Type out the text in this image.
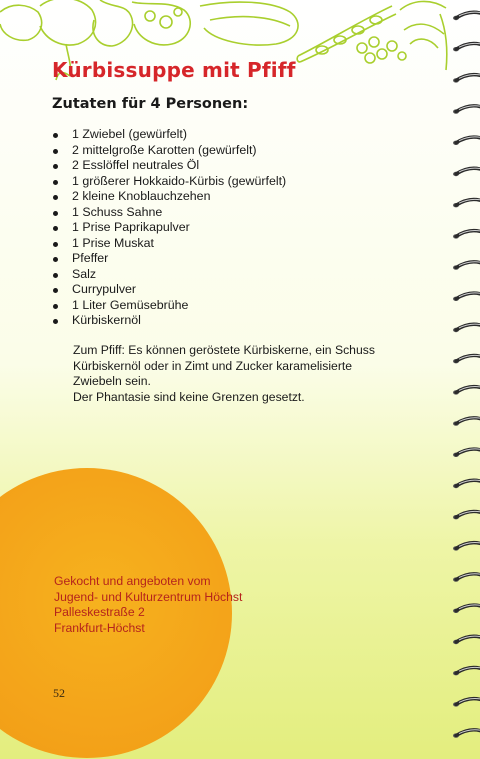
Kürbissuppe mit Pfiff
Zutaten für 4 Personen:
1 Zwiebel (gewürfelt)
2 mittelgroße Karotten (gewürfelt)
2 Esslöffel neutrales Öl
1 größerer Hokkaido-Kürbis (gewürfelt)
2 kleine Knoblauchzehen
1 Schuss Sahne
1 Prise Paprikapulver
1 Prise Muskat
Pfeffer
Salz
Currypulver
1 Liter Gemüsebrühe
Kürbiskernöl

Zum Pfiff: Es können geröstete Kürbiskerne, ein Schuss

Kürbiskernöl oder in Zimt und Zucker karamelisierte

Zwiebeln sein.

Der Phantasie sind keine Grenzen gesetzt.

Gekocht und angeboten vom
Jugend- und Kulturzentrum Höchst
Palleskestraße 2
Frankfurt-Höchst
52
